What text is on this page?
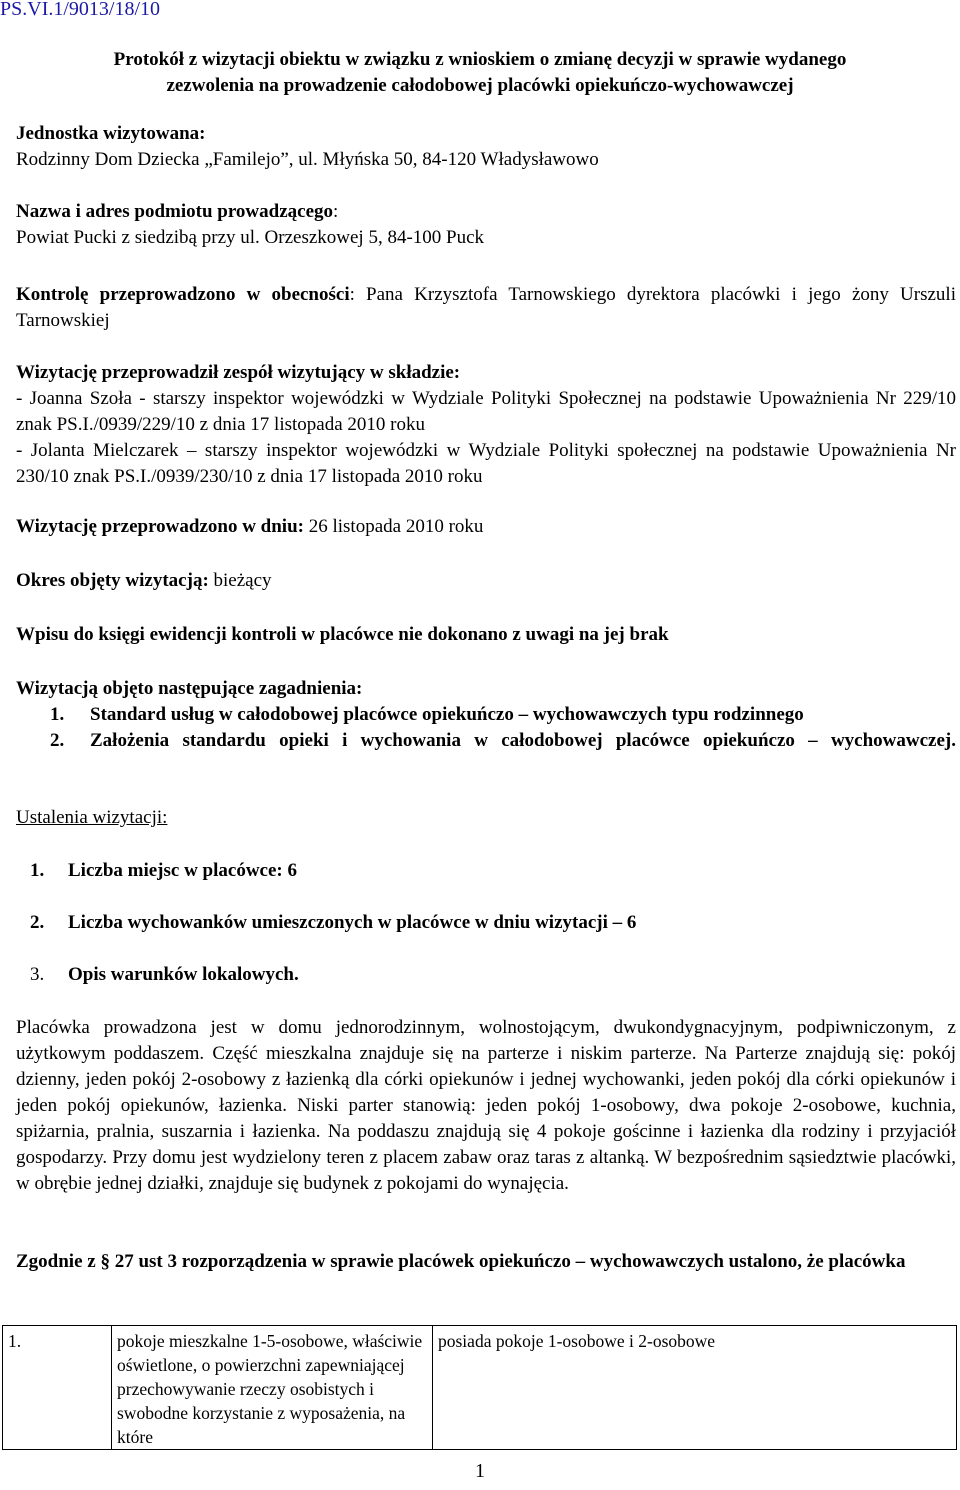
PS.VI.1/9013/18/10
Protokół z wizytacji obiektu w związku z wnioskiem o zmianę decyzji w sprawie wydanego
zezwolenia na prowadzenie całodobowej placówki opiekuńczo-wychowawczej
Jednostka wizytowana:
Rodzinny Dom Dziecka „Familejo”, ul. Młyńska 50, 84-120 Władysławowo
Nazwa i adres podmiotu prowadzącego:
Powiat Pucki z siedzibą przy ul. Orzeszkowej 5, 84-100 Puck
Kontrolę przeprowadzono w obecności: Pana Krzysztofa Tarnowskiego dyrektora placówki i jego żony Urszuli Tarnowskiej
Wizytację przeprowadził zespół wizytujący w składzie:
- Joanna Szoła - starszy inspektor wojewódzki w Wydziale Polityki Społecznej na podstawie Upoważnienia Nr 229/10 znak PS.I./0939/229/10 z dnia 17 listopada 2010 roku
- Jolanta Mielczarek – starszy inspektor wojewódzki w Wydziale Polityki społecznej na podstawie Upoważnienia Nr 230/10 znak PS.I./0939/230/10 z dnia 17 listopada 2010 roku
Wizytację przeprowadzono w dniu: 26 listopada 2010 roku
Okres objęty wizytacją: bieżący
Wpisu do księgi ewidencji kontroli w placówce nie dokonano z uwagi na jej brak
Wizytacją objęto następujące zagadnienia:
1. Standard usług w całodobowej placówce opiekuńczo – wychowawczych typu rodzinnego
2. Założenia standardu opieki i wychowania w całodobowej placówce opiekuńczo – wychowawczej.
Ustalenia wizytacji:
1. Liczba miejsc w placówce: 6
2. Liczba wychowanków umieszczonych w placówce w dniu wizytacji – 6
3. Opis warunków lokalowych.
Placówka prowadzona jest w domu jednorodzinnym, wolnostojącym, dwukondygnacyjnym, podpiwniczonym, z użytkowym poddaszem. Część mieszkalna znajduje się na parterze i niskim parterze. Na Parterze znajdują się: pokój dzienny, jeden pokój 2-osobowy z łazienką dla córki opiekunów i jednej wychowanki, jeden pokój dla córki opiekunów i jeden pokój opiekunów, łazienka. Niski parter stanowią: jeden pokój 1-osobowy, dwa pokoje 2-osobowe, kuchnia, spiżarnia, pralnia, suszarnia i łazienka. Na poddaszu znajdują się 4 pokoje gościnne i łazienka dla rodziny i przyjaciół gospodarzy. Przy domu jest wydzielony teren z placem zabaw oraz taras z altanką. W bezpośrednim sąsiedztwie placówki, w obrębie jednej działki, znajduje się budynek z pokojami do wynajęcia.
Zgodnie z § 27 ust 3 rozporządzenia w sprawie placówek opiekuńczo – wychowawczych ustalono, że placówka
1.	pokoje mieszkalne 1-5-osobowe, właściwie oświetlone, o powierzchni zapewniającej przechowywanie rzeczy osobistych i swobodne korzystanie z wyposażenia, na które	posiada pokoje 1-osobowe i 2-osobowe
1
